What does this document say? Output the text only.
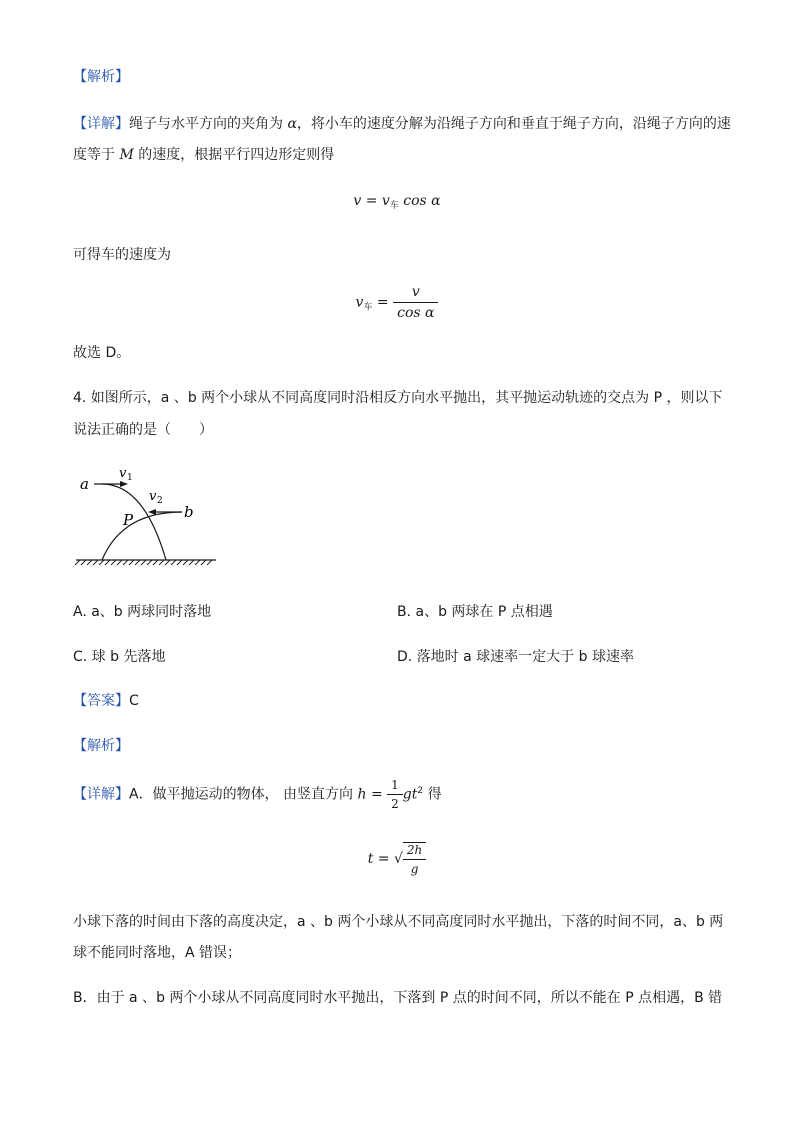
【解析】
【详解】绳子与水平方向的夹角为 α，将小车的速度分解为沿绳子方向和垂直于绳子方向，沿绳子方向的速
度等于 M 的速度，根据平行四边形定则得
$v = v_车$ cos α
可得车的速度为
$v_车 = \frac{v}{\text{cos α}}$
故选 D。
4. 如图所示，a 、b 两个小球从不同高度同时沿相反方向水平抛出，其平抛运动轨迹的交点为 P ，则以下
说法正确的是（　　）
a
v 1
v 2
b
P
A. a、b 两球同时落地	B. a、b 两球在 P 点相遇
C. 球 b 先落地	D. 落地时 a 球速率一定大于 b 球速率
【答案】C
【解析】
【详解】A．做平抛运动的物体， 由竖直方向 $h = \frac{1}{2} gt^2$ 得
t = √ $\frac{2h}{g}$
小球下落的时间由下落的高度决定，a 、b 两个小球从不同高度同时水平抛出，下落的时间不同，a、b 两
球不能同时落地，A 错误；
B．由于 a 、b 两个小球从不同高度同时水平抛出，下落到 P 点的时间不同，所以不能在 P 点相遇，B 错
